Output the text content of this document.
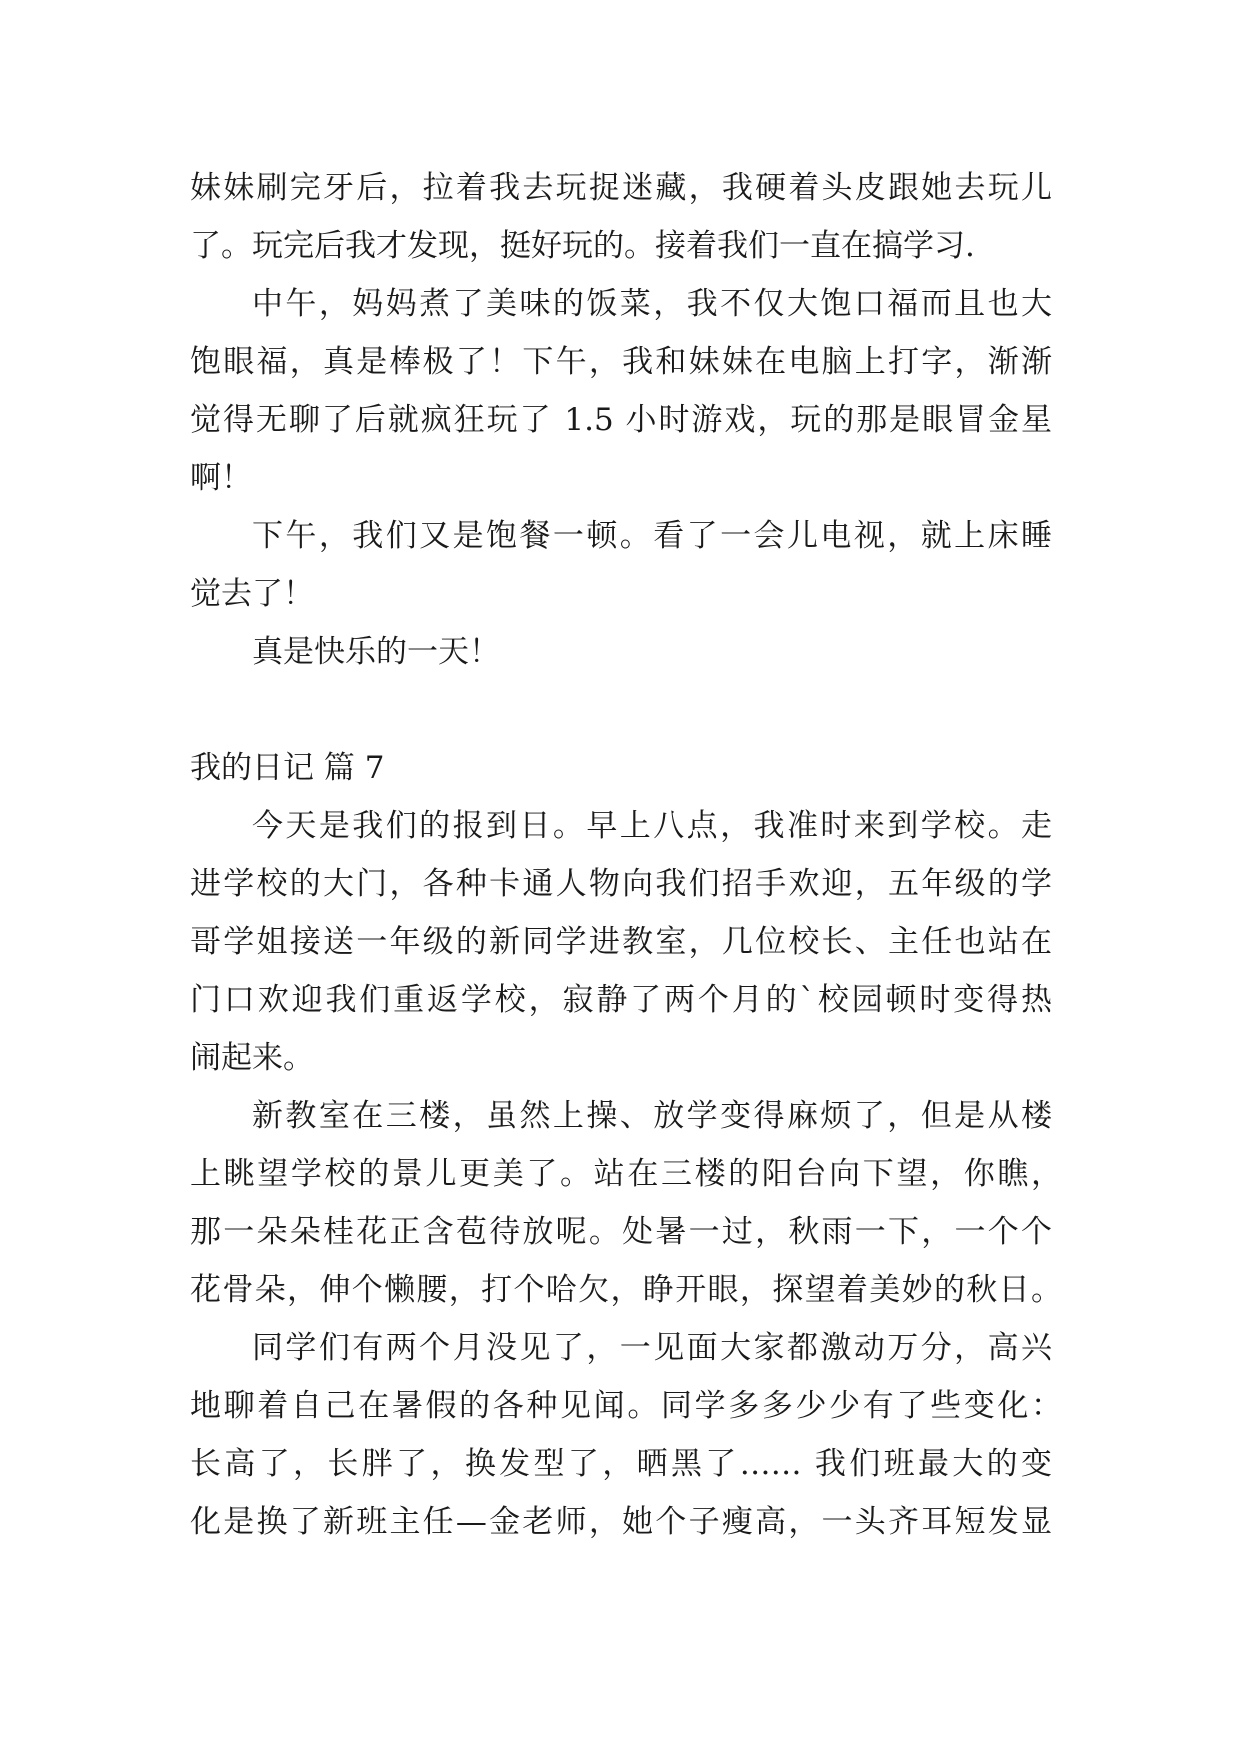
妹妹刷完牙后，拉着我去玩捉迷藏，我硬着头皮跟她去玩儿
了。玩完后我才发现，挺好玩的。接着我们一直在搞学习.
中午，妈妈煮了美味的饭菜，我不仅大饱口福而且也大
饱眼福，真是棒极了！下午，我和妹妹在电脑上打字，渐渐
觉得无聊了后就疯狂玩了 1.5 小时游戏，玩的那是眼冒金星
啊！
下午，我们又是饱餐一顿。看了一会儿电视，就上床睡
觉去了！
真是快乐的一天！
我的日记 篇 7
今天是我们的报到日。早上八点，我准时来到学校。走
进学校的大门，各种卡通人物向我们招手欢迎，五年级的学
哥学姐接送一年级的新同学进教室，几位校长、主任也站在
门口欢迎我们重返学校，寂静了两个月的`校园顿时变得热
闹起来。
新教室在三楼，虽然上操、放学变得麻烦了，但是从楼
上眺望学校的景儿更美了。站在三楼的阳台向下望，你瞧，
那一朵朵桂花正含苞待放呢。处暑一过，秋雨一下，一个个
花骨朵，伸个懒腰，打个哈欠，睁开眼，探望着美妙的秋日。
同学们有两个月没见了，一见面大家都激动万分，高兴
地聊着自己在暑假的各种见闻。同学多多少少有了些变化：
长高了，长胖了，换发型了，晒黑了…… 我们班最大的变
化是换了新班主任—金老师，她个子瘦高，一头齐耳短发显
